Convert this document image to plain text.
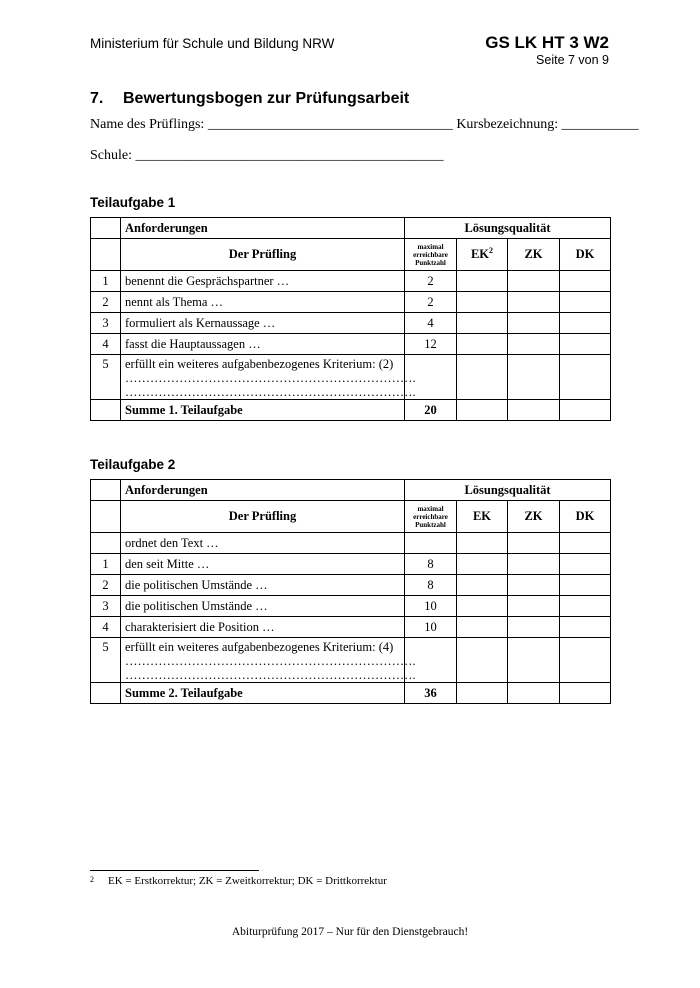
Ministerium für Schule und Bildung NRW	GS LK HT 3 W2
Seite 7 von 9
7. Bewertungsbogen zur Prüfungsarbeit
Name des Prüflings: ___________________________________ Kursbezeichnung: ___________
Schule: ____________________________________________
Teilaufgabe 1
	Anforderungen	Lösungsqualität			
	Der Prüfling	maximal
erreichbare
Punktzahl	$EK^2$	ZK	DK
1	benennt die Gesprächspartner …	2			
2	nennt als Thema …	2			
3	formuliert als Kernaussage …	4			
4	fasst die Hauptaussagen …	12			
5	erfüllt ein weiteres aufgabenbezogenes Kriterium: (2)
…………………………………………………………….
…………………………………………………………….				

	Summe 1. Teilaufgabe	20			
Teilaufgabe 2
	Anforderungen	Lösungsqualität			
	Der Prüfling	maximal
erreichbare
Punktzahl	EK	ZK	DK
	ordnet den Text …				
1	den seit Mitte …	8			
2	die politischen Umstände …	8			
3	die politischen Umstände …	10			
4	charakterisiert die Position …	10			
5	erfüllt ein weiteres aufgabenbezogenes Kriterium: (4)
…………………………………………………………….
…………………………………………………………….				

	Summe 2. Teilaufgabe	36			
2 EK = Erstkorrektur; ZK = Zweitkorrektur; DK = Drittkorrektur
Abiturprüfung 2017 – Nur für den Dienstgebrauch!
